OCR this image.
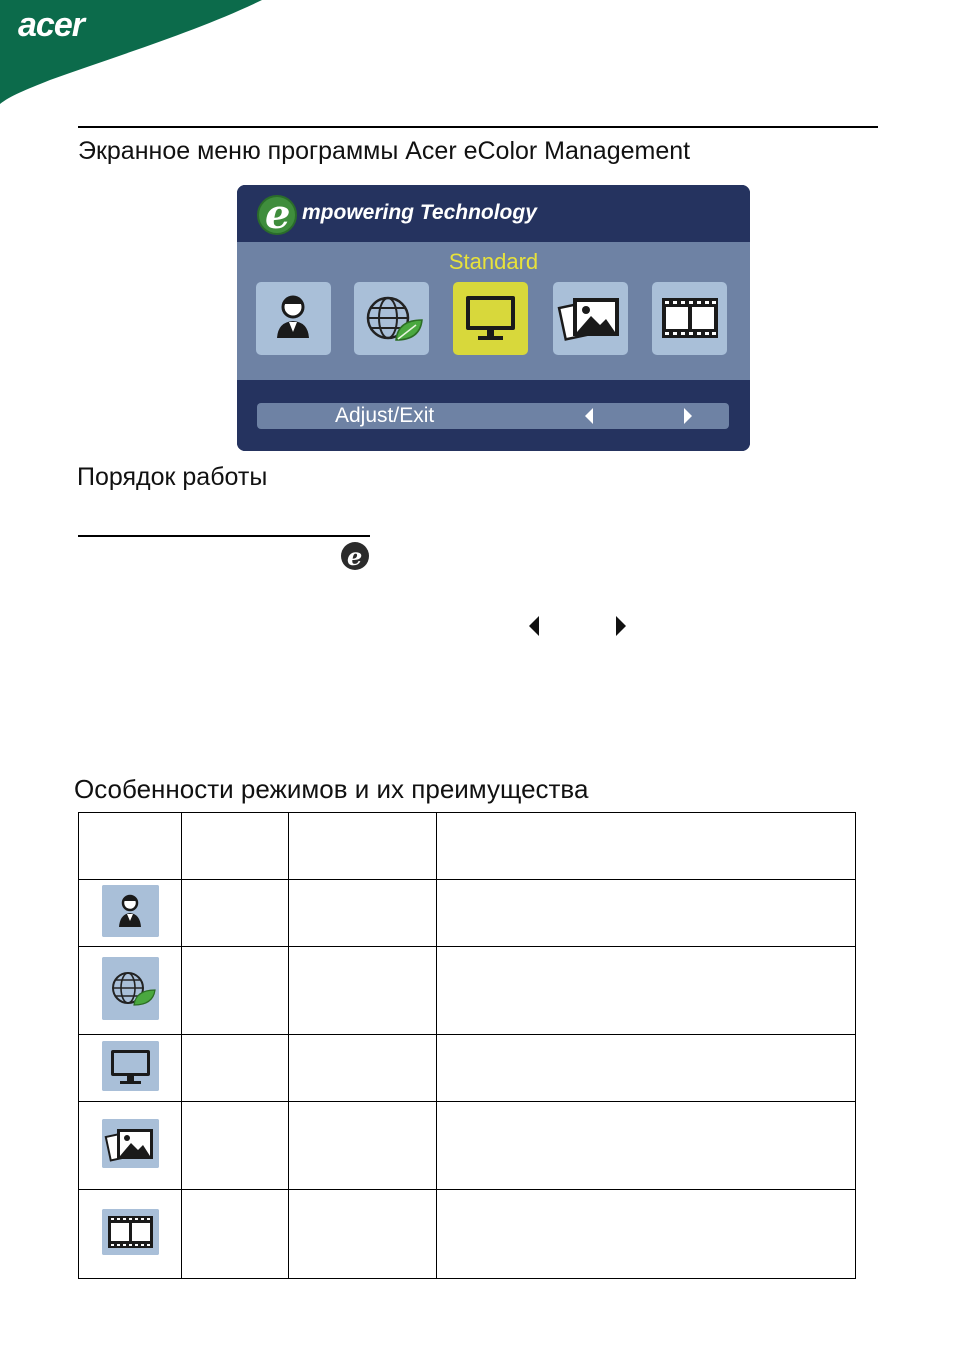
acer
Экранное меню программы Acer eColor Management
e mpowering Technology
Standard
Adjust/Exit
Порядок работы
e
Особенности режимов и их преимущества
